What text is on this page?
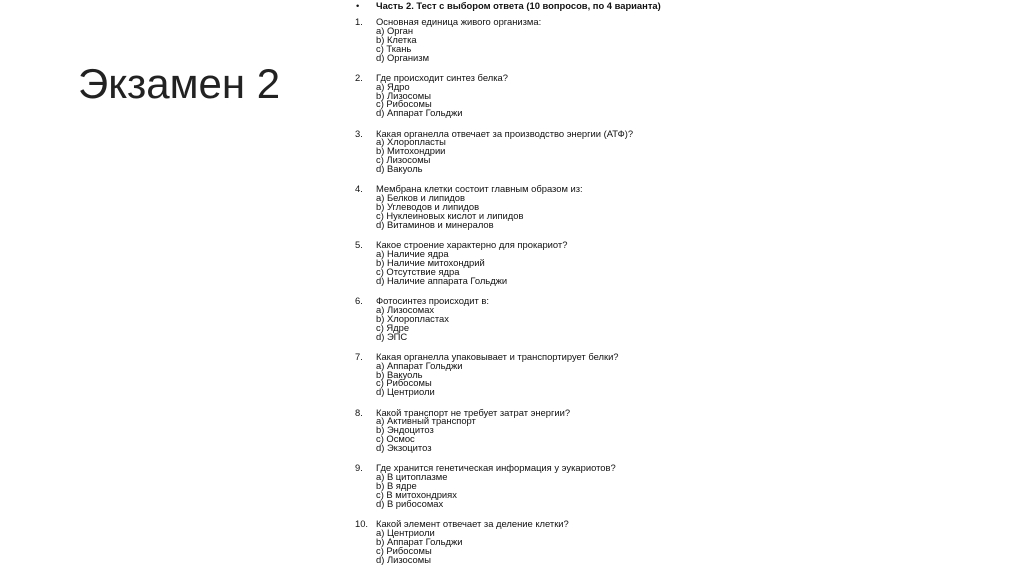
Экзамен 2
• Часть 2. Тест с выбором ответа (10 вопросов, по 4 варианта)
1.	Основная единица живого организма:
a) Орган
b) Клетка
c) Ткань
d) Организм
2.	Где происходит синтез белка?
a) Ядро
b) Лизосомы
c) Рибосомы
d) Аппарат Гольджи
3.	Какая органелла отвечает за производство энергии (АТФ)?
a) Хлоропласты
b) Митохондрии
c) Лизосомы
d) Вакуоль
4.	Мембрана клетки состоит главным образом из:
a) Белков и липидов
b) Углеводов и липидов
c) Нуклеиновых кислот и липидов
d) Витаминов и минералов
5.	Какое строение характерно для прокариот?
a) Наличие ядра
b) Наличие митохондрий
c) Отсутствие ядра
d) Наличие аппарата Гольджи
6.	Фотосинтез происходит в:
a) Лизосомах
b) Хлоропластах
c) Ядре
d) ЭПС
7.	Какая органелла упаковывает и транспортирует белки?
a) Аппарат Гольджи
b) Вакуоль
c) Рибосомы
d) Центриоли
8.	Какой транспорт не требует затрат энергии?
a) Активный транспорт
b) Эндоцитоз
c) Осмос
d) Экзоцитоз
9.	Где хранится генетическая информация у эукариотов?
a) В цитоплазме
b) В ядре
c) В митохондриях
d) В рибосомах
10. Какой элемент отвечает за деление клетки?
a) Центриоли
b) Аппарат Гольджи
c) Рибосомы
d) Лизосомы
